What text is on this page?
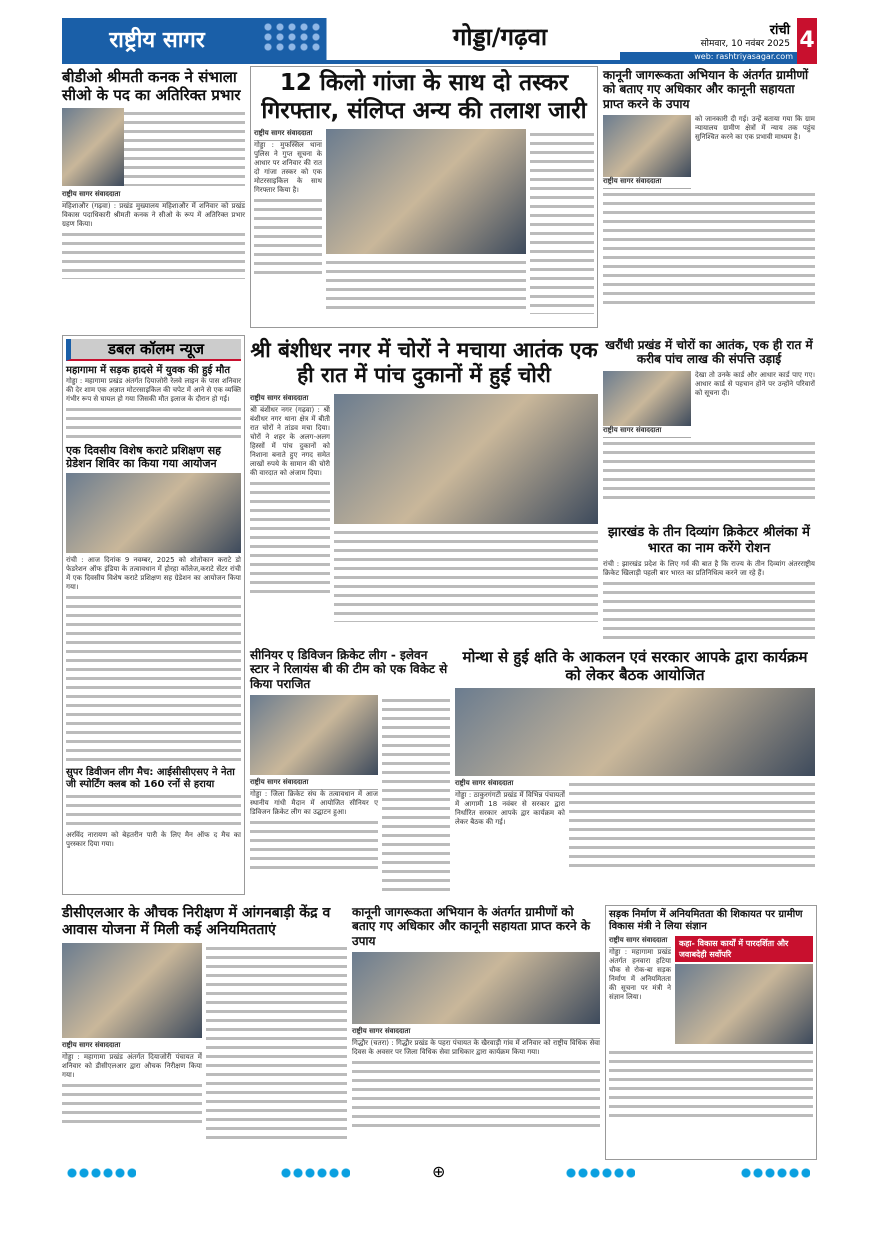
राष्ट्रीय सागर	गोड्डा/गढ़वा	रांची
सोमवार, 10 नवंबर 2025
web: rashtriyasagar.com
4
बीडीओ श्रीमती कनक ने संभाला सीओ के पद का अतिरिक्त प्रभार
राष्ट्रीय सागर संवाददाता
महिशाऔर (गढ़वा) : प्रखंड मुख्यालय महिशाऔर में शनिवार को प्रखंड विकास पदाधिकारी श्रीमती कनक ने सीओ के रूप में अतिरिक्त प्रभार ग्रहण किया।
12 किलो गांजा के साथ दो तस्कर गिरफ्तार, संलिप्त अन्य की तलाश जारी
राष्ट्रीय सागर संवाददाता
गोड्डा : मुफस्सिल थाना पुलिस ने गुप्त सूचना के आधार पर शनिवार की रात दो गांजा तस्कर को एक मोटरसाइकिल के साथ गिरफ्तार किया है।
कानूनी जागरूकता अभियान के अंतर्गत ग्रामीणों को बताए गए अधिकार और कानूनी सहायता प्राप्त करने के उपाय
को जानकारी दी गई। उन्हें बताया गया कि ग्राम न्यायालय ग्रामीण क्षेत्रों में न्याय तक पहुंच सुनिश्चित करने का एक प्रभावी माध्यम है।
राष्ट्रीय सागर संवाददाता
डबल कॉलम न्यूज
महागामा में सड़क हादसे में युवक की हुई मौत
गोड्डा : महागामा प्रखंड अंतर्गत दियाजोरी रेलवे लाइन के पास शनिवार की देर शाम एक अज्ञात मोटरसाइकिल की चपेट में आने से एक व्यक्ति गंभीर रूप से घायल हो गया जिसकी मौत इलाज के दौरान हो गई।
एक दिवसीय विशेष कराटे प्रशिक्षण सह ग्रेडेशन शिविर का किया गया आयोजन
रांची : आज दिनांक 9 नवम्बर, 2025 को शोतोकान कराटे डो फेडरेशन ऑफ इंडिया के तत्वावधान में होरहा कॉलेज,कराटे सेंटर रांची में एक दिवसीय विशेष कराटे प्रशिक्षण सह ग्रेडेशन का आयोजन किया गया।
सुपर डिवीजन लीग मैच: आईसीसीएसए ने नेता जी स्पोर्टिंग क्लब को 160 रनों से हराया
अरविंद नारायण को बेहतरीन पारी के लिए मैन ऑफ द मैच का पुरस्कार दिया गया।
श्री बंशीधर नगर में चोरों ने मचाया आतंक एक ही रात में पांच दुकानों में हुई चोरी
राष्ट्रीय सागर संवाददाता
श्री बंशीधर नगर (गढ़वा) : श्री बंशीधर नगर थाना क्षेत्र में बीती रात चोरों ने तांडव मचा दिया। चोरों ने शहर के अलग-अलग हिस्सों में पांच दुकानों को निशाना बनाते हुए नगद समेत लाखों रुपये के सामान की चोरी की वारदात को अंजाम दिया।
खरौंधी प्रखंड में चोरों का आतंक, एक ही रात में करीब पांच लाख की संपत्ति उड़ाई
देखा तो उनके कार्ड और आधार कार्ड पाए गए। आधार कार्ड से पहचान होने पर उन्होंने परिवारों को सूचना दी।
राष्ट्रीय सागर संवाददाता
झारखंड के तीन दिव्यांग क्रिकेटर श्रीलंका में भारत का नाम करेंगे रोशन
रांची : झारखंड प्रदेश के लिए गर्व की बात है कि राज्य के तीन दिव्यांग अंतरराष्ट्रीय क्रिकेट खिलाड़ी पहली बार भारत का प्रतिनिधित्व करने जा रहे हैं।
सीनियर ए डिविजन क्रिकेट लीग - इलेवन स्टार ने रिलायंस बी की टीम को एक विकेट से किया पराजित
राष्ट्रीय सागर संवाददाता
गोड्डा : जिला क्रिकेट संघ के तत्वावधान में आज स्थानीय गांधी मैदान में आयोजित सीनियर ए डिविजन क्रिकेट लीग का उद्घाटन हुआ।
मोन्था से हुई क्षति के आकलन एवं सरकार आपके द्वारा कार्यक्रम को लेकर बैठक आयोजित
राष्ट्रीय सागर संवाददाता
गोड्डा : ठाकुरगंगटी प्रखंड में विभिन्न पंचायतों में आगामी 18 नवंबर से सरकार द्वारा निर्धारित सरकार आपके द्वार कार्यक्रम को लेकर बैठक की गई।
डीसीएलआर के औचक निरीक्षण में आंगनबाड़ी केंद्र व आवास योजना में मिली कई अनियमितताएं
राष्ट्रीय सागर संवाददाता
गोड्डा : महागामा प्रखंड अंतर्गत दियाजोरी पंचायत में शनिवार को डीसीएलआर द्वारा औचक निरीक्षण किया गया।
कानूनी जागरूकता अभियान के अंतर्गत ग्रामीणों को बताए गए अधिकार और कानूनी सहायता प्राप्त करने के उपाय
राष्ट्रीय सागर संवाददाता
गिद्धौर (चतरा) : गिद्धौर प्रखंड के पहरा पंचायत के खैरवाड़ी गांव में शनिवार को राष्ट्रीय विधिक सेवा दिवस के अवसर पर जिला विधिक सेवा प्राधिकार द्वारा कार्यक्रम किया गया।
सड़क निर्माण में अनियमितता की शिकायत पर ग्रामीण विकास मंत्री ने लिया संज्ञान
राष्ट्रीय सागर संवाददाता
गोड्डा : महागामा प्रखंड अंतर्गत हनवारा हटिया चौक से रोक-बा सड़क निर्माण में अनियमितता की सूचना पर मंत्री ने संज्ञान लिया।
कहा- विकास कार्यों में पारदर्शिता और जवाबदेही सर्वोपरि
⊕
